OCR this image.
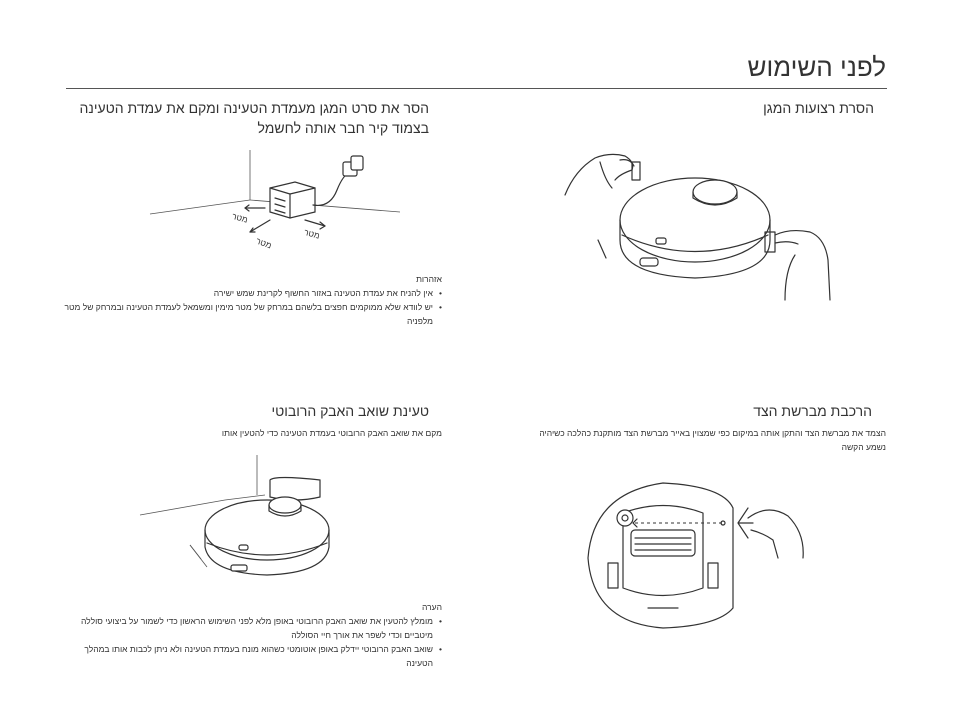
לפני השימוש
הסרת רצועות המגן
הסר את סרט המגן מעמדת הטעינה ומקם את עמדת הטעינה
בצמוד קיר חבר אותה לחשמל
מטר
מטר
מטר
אזהרות
• אין להניח את עמדת הטעינה באזור החשוף לקרינת שמש ישירה
• יש לוודא שלא ממוקמים חפצים בלשהם במרחק של מטר מימין ומשמאל לעמדת הטעינה ובמרחק של מטר מלפניה
הרכבת מברשת הצד
הצמד את מברשת הצד והתקן אותה במיקום כפי שמצוין באייר מברשת הצד מותקנת כהלכה כשיהיה נשמע הקשה
טעינת שואב האבק הרובוטי
מקם את שואב האבק הרובוטי בעמדת הטעינה כדי להטעין אותו
הערה
• מומלץ להטעין את שואב האבק הרובוטי באופן מלא לפני השימוש הראשון כדי לשמור על ביצועי סוללה מיטביים וכדי לשפר את אורך חיי הסוללה
• שואב האבק הרובוטי יידלק באופן אוטומטי כשהוא מונח בעמדת הטעינה ולא ניתן לכבות אותו במהלך הטעינה
